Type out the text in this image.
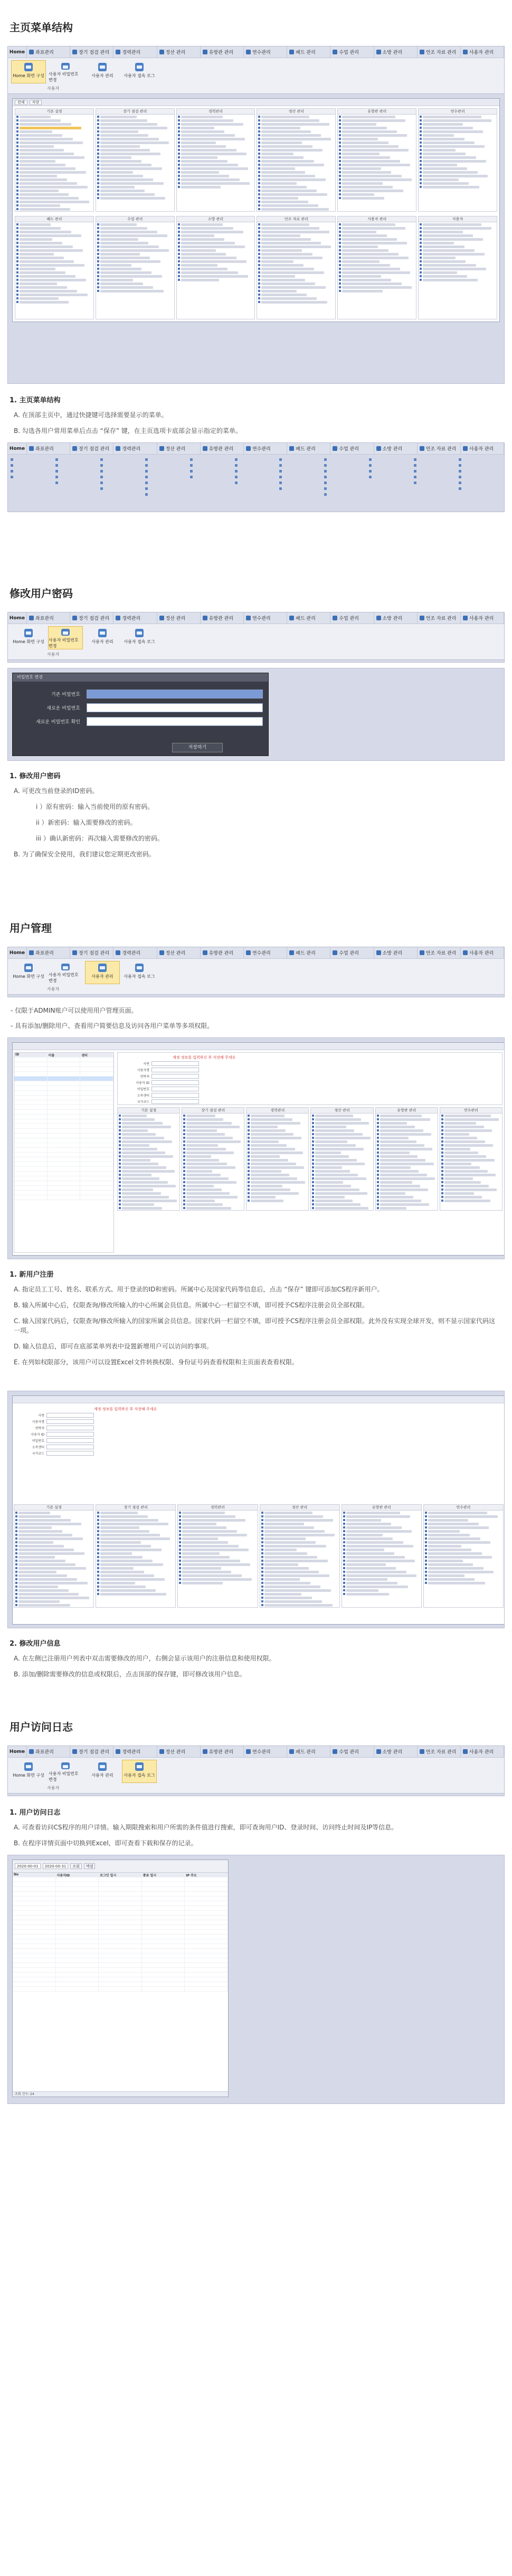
主页菜单结构
Home 좌표관리	장기 점검 관리	경력관리	정산 관리	유방관 관리	연수관리	패드 관리	수업 관리	소방 관리	언조 자료 관리	사용자 관리
Home 화면 구성 사용자 비밀번호 변경
사용자 관리 사용자 접속 로그
사용자
전체	저장
기본 설정	장기 점검 관리	경력관리	정산 관리	유방관 관리	연수관리
패드 관리	수업 관리	소방 관리	언조 자료 관리	사용자 관리	사용자
1. 主页菜单结构
A. 在顶部主页中，通过快捷键可选择需要显示的菜单。
B. 勾选各用户常用菜单后点击 “保存” 键，在主页选项卡底部会显示指定的菜单。
Home 좌표관리	장기 점검 관리	경력관리	정산 관리	유방관 관리	연수관리	패드 관리	수업 관리	소방 관리	언조 자료 관리	사용자 관리
修改用户密码
Home 좌표관리	장기 점검 관리	경력관리	정산 관리	유방관 관리	연수관리	패드 관리	수업 관리	소방 관리	언조 자료 관리	사용자 관리
Home 화면 구성 사용자 비밀번호 변경
사용자 관리 사용자 접속 로그
사용자
비밀번호 변경
기존 비밀번호
새로운 비밀번호
새로운 비밀번호 확인
저장하기
1. 修改用户密码
A. 可更改当前登录的ID密码。
i ）原有密码：输入当前使用的原有密码。
ii ）新密码：输入需要修改的密码。
iii ）确认新密码：再次输入需要修改的密码。
B. 为了确保安全使用，我们建议您定期更改密码。
用户管理
Home 좌표관리	장기 점검 관리	경력관리	정산 관리	유방관 관리	연수관리	패드 관리	수업 관리	소방 관리	언조 자료 관리	사용자 관리
Home 화면 구성 사용자 비밀번호 변경
사용자 관리 사용자 접속 로그
사용자
- 仅限于ADMIN账户可以使用用户管理页面。
- 具有添加/删除用户、查看用户简要信息及访问各用户菜单等多项权限。
ID	이름	센터	계정 정보를 입력하신 후 저장해 주세요
사번
사용자명
연락처
사용자 ID
비밀번호
소속센터
국가코드
기본 설정	장기 점검 관리	경력관리	정산 관리	유방관 관리	연수관리
1. 新用户注册
A. 指定员工工号、姓名、联系方式、用于登录的ID和密码。所属中心及国家代码等信息后，点击 “保存” 键即可添加CS程序新用户。
B. 输入所属中心后，仅限查询/修改所输入的中心所属会员信息。所属中心一栏留空不填，即可授予CS程序注册会员全部权限。
C. 输入国家代码后，仅限查询/修改所输入的国家所属会员信息。国家代码一栏留空不填，即可授予CS程序注册会员全部权限。此外没有实现全球开发，则不显示国家代码这一项。
D. 输入信息后，即可在底部菜单列表中设置新增用户可以访问的事项。
E. 在列如权限部分，该用户可以设置Excel文件转换权限、身份证号码查看权限和主页面表查看权限。
계정 정보를 입력하신 후 저장해 주세요
사번
사용자명
연락처
사용자 ID
비밀번호
소속센터
국가코드
기본 설정	장기 점검 관리	경력관리	정산 관리	유방관 관리	연수관리
2. 修改用户信息
A. 在左侧已注册用户列表中双击需要修改的用户，右侧会显示该用户的注册信息和使用权限。
B. 添加/删除需要修改的信息或权限后，点击顶部的保存键，即可修改该用户信息。
用户访问日志
Home 좌표관리	장기 점검 관리	경력관리	정산 관리	유방관 관리	연수관리	패드 관리	수업 관리	소방 관리	언조 자료 관리	사용자 관리
Home 화면 구성 사용자 비밀번호 변경
사용자 관리 사용자 접속 로그
사용자
1. 用户访问日志
A. 可查看访问CS程序的用户详情。输入期限搜索和用户所需的条件值进行搜索，即可查询用户ID、登录时间、访问终止时间及IP等信息。
B. 在程序详情页面中切换到Excel，即可查看下载和保存的记录。
2020-00-01	2020-00-31	조회	엑셀
No	사용자ID	로그인 일시	종료 일시	IP 주소
조회 건수: 24
